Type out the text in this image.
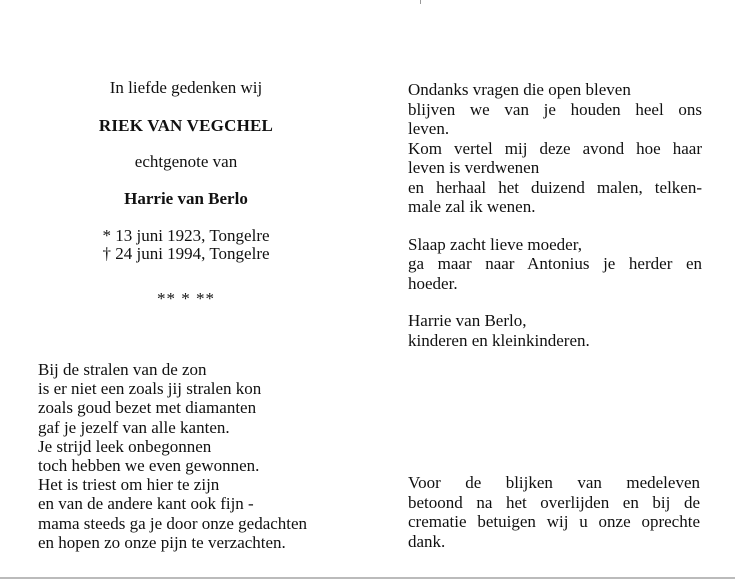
In liefde gedenken wij

RIEK VAN VEGCHEL

echtgenote van

Harrie van Berlo

* 13 juni 1923, Tongelre
† 24 juni 1994, Tongelre

** * **

Bij de stralen van de zon
is er niet een zoals jij stralen kon
zoals goud bezet met diamanten
gaf je jezelf van alle kanten.
Je strijd leek onbegonnen
toch hebben we even gewonnen.
Het is triest om hier te zijn
en van de andere kant ook fijn -
mama steeds ga je door onze gedachten
en hopen zo onze pijn te verzachten.
Ondanks vragen die open bleven
blijven we van je houden heel ons
leven.
Kom vertel mij deze avond hoe haar
leven is verdwenen
en herhaal het duizend malen, telken-
male zal ik wenen.
Slaap zacht lieve moeder,
ga maar naar Antonius je herder en
hoeder.
Harrie van Berlo,
kinderen en kleinkinderen.
Voor de blijken van medeleven
betoond na het overlijden en bij de
crematie betuigen wij u onze oprechte
dank.
